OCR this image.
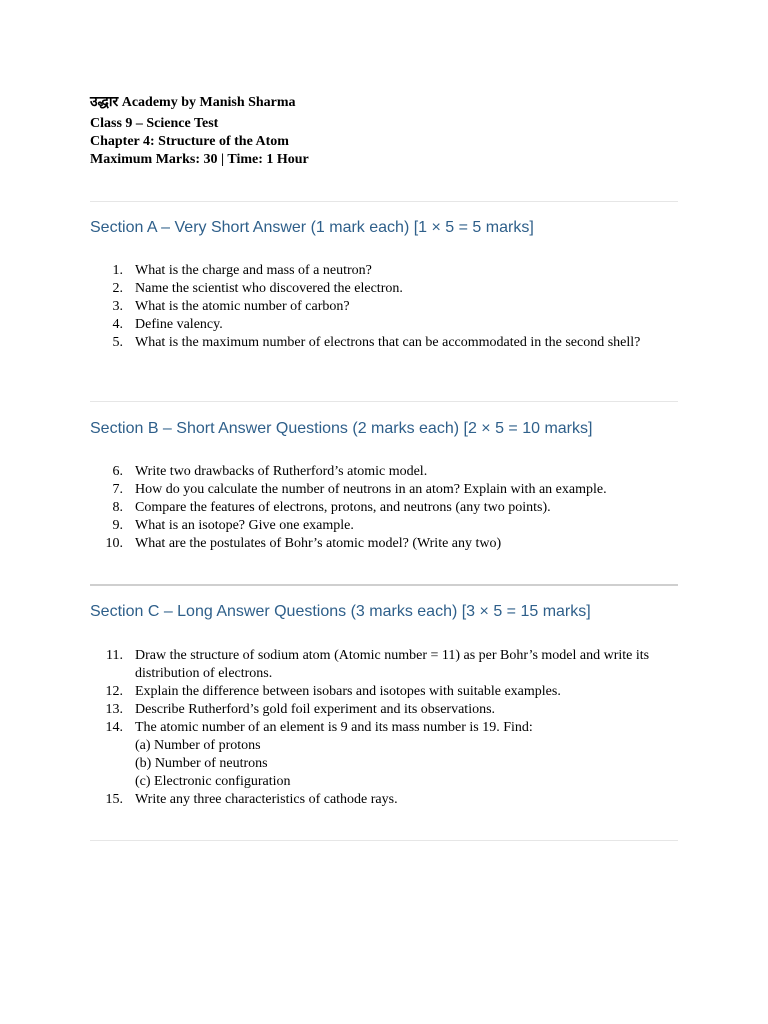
उद्धार Academy by Manish Sharma
Class 9 – Science Test
Chapter 4: Structure of the Atom
Maximum Marks: 30 | Time: 1 Hour
Section A – Very Short Answer (1 mark each) [1 × 5 = 5 marks]
1. What is the charge and mass of a neutron?
2. Name the scientist who discovered the electron.
3. What is the atomic number of carbon?
4. Define valency.
5. What is the maximum number of electrons that can be accommodated in the second shell?
Section B – Short Answer Questions (2 marks each) [2 × 5 = 10 marks]
6. Write two drawbacks of Rutherford’s atomic model.
7. How do you calculate the number of neutrons in an atom? Explain with an example.
8. Compare the features of electrons, protons, and neutrons (any two points).
9. What is an isotope? Give one example.
10. What are the postulates of Bohr’s atomic model? (Write any two)
Section C – Long Answer Questions (3 marks each) [3 × 5 = 15 marks]
11. Draw the structure of sodium atom (Atomic number = 11) as per Bohr’s model and write its distribution of electrons.
12. Explain the difference between isobars and isotopes with suitable examples.
13. Describe Rutherford’s gold foil experiment and its observations.
14. The atomic number of an element is 9 and its mass number is 19. Find:
(a) Number of protons
(b) Number of neutrons
(c) Electronic configuration
15. Write any three characteristics of cathode rays.
